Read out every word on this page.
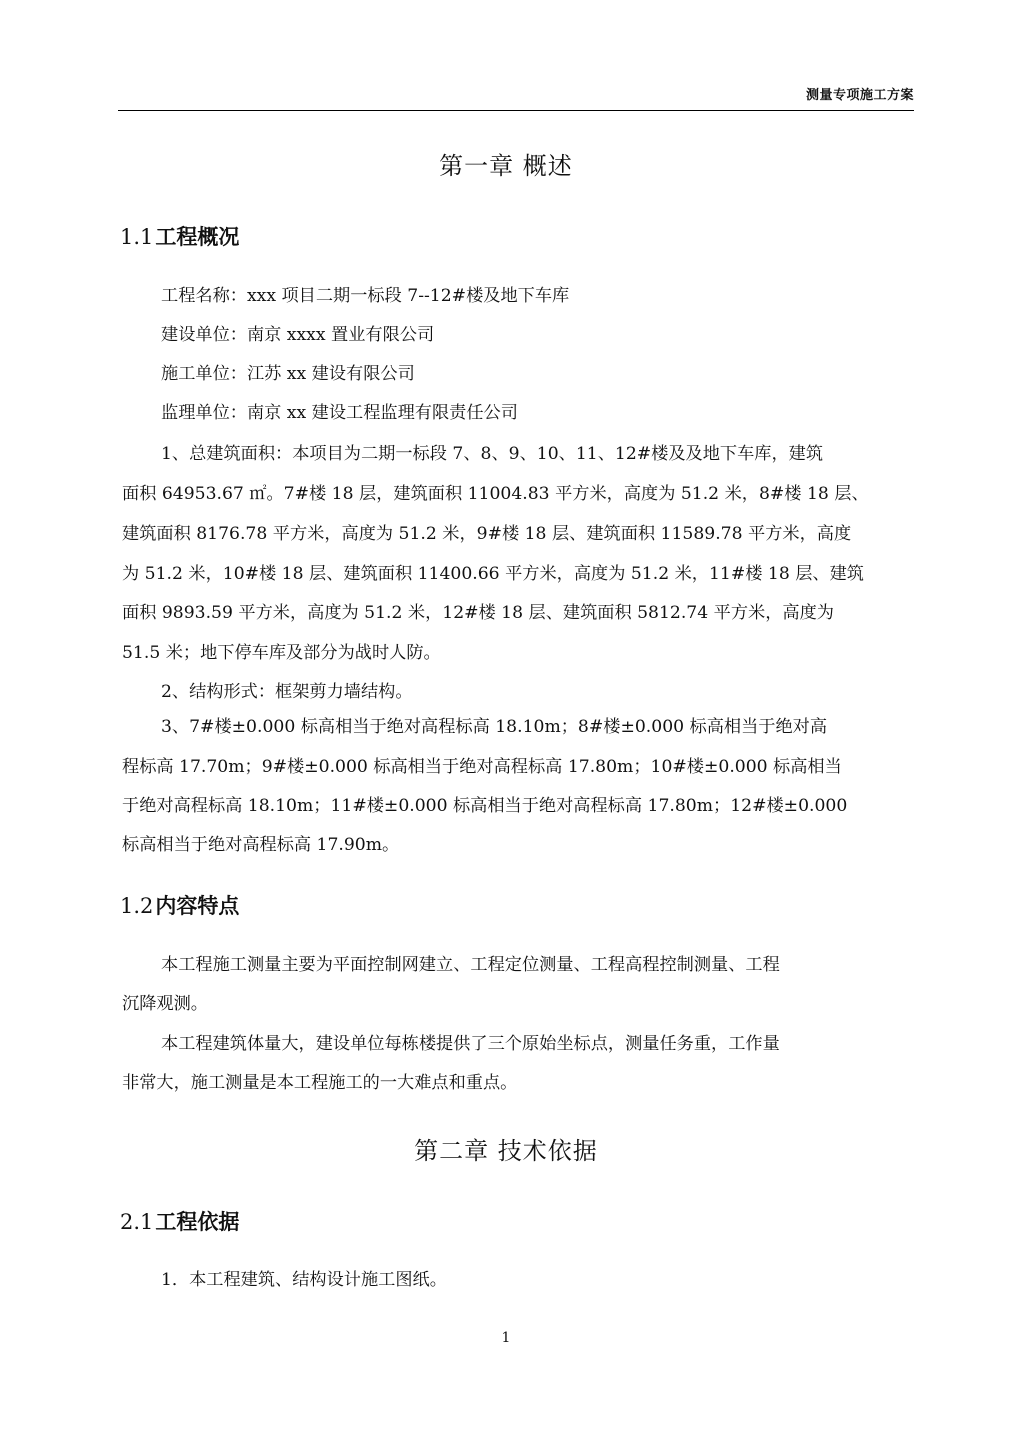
测量专项施工方案
第一章 概述
1.1工程概况
工程名称：xxx 项目二期一标段 7--12#楼及地下车库
建设单位：南京 xxxx 置业有限公司
施工单位：江苏 xx 建设有限公司
监理单位：南京 xx 建设工程监理有限责任公司
1、总建筑面积：本项目为二期一标段 7、8、9、10、11、12#楼及及地下车库，建筑
面积 64953.67 ㎡。7#楼 18 层，建筑面积 11004.83 平方米，高度为 51.2 米，8#楼 18 层、
建筑面积 8176.78 平方米，高度为 51.2 米，9#楼 18 层、建筑面积 11589.78 平方米，高度
为 51.2 米，10#楼 18 层、建筑面积 11400.66 平方米，高度为 51.2 米，11#楼 18 层、建筑
面积 9893.59 平方米，高度为 51.2 米，12#楼 18 层、建筑面积 5812.74 平方米，高度为
51.5 米；地下停车库及部分为战时人防。
2、结构形式：框架剪力墙结构。
3、7#楼±0.000 标高相当于绝对高程标高 18.10m；8#楼±0.000 标高相当于绝对高
程标高 17.70m；9#楼±0.000 标高相当于绝对高程标高 17.80m；10#楼±0.000 标高相当
于绝对高程标高 18.10m；11#楼±0.000 标高相当于绝对高程标高 17.80m；12#楼±0.000
标高相当于绝对高程标高 17.90m。
1.2内容特点
本工程施工测量主要为平面控制网建立、工程定位测量、工程高程控制测量、工程
沉降观测。
本工程建筑体量大，建设单位每栋楼提供了三个原始坐标点，测量任务重，工作量
非常大，施工测量是本工程施工的一大难点和重点。
第二章 技术依据
2.1工程依据
1．本工程建筑、结构设计施工图纸。
1
